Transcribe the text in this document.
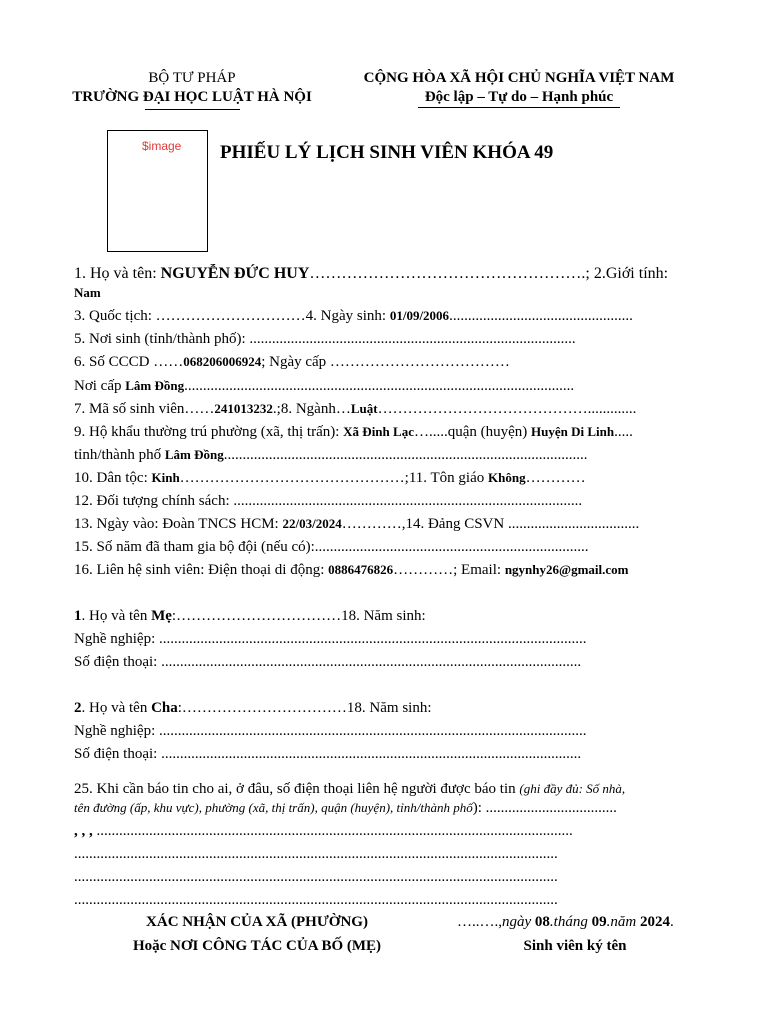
BỘ TƯ PHÁP
TRƯỜNG ĐẠI HỌC LUẬT HÀ NỘI
CỘNG HÒA XÃ HỘI CHỦ NGHĨA VIỆT NAM
Độc lập – Tự do – Hạnh phúc
$image PHIẾU LÝ LỊCH SINH VIÊN KHÓA 49
1. Họ và tên: NGUYỄN ĐỨC HUY…………………………………………….; 2.Giới tính:
Nam
3. Quốc tịch: …………………………4. Ngày sinh: 01/09/2006.................................................
5. Nơi sinh (tỉnh/thành phố): .......................................................................................
6. Số CCCD ……068206006924; Ngày cấp ………………………………
Nơi cấp Lâm Đồng........................................................................................................
7. Mã số sinh viên……241013232.;8. Ngành…Luật…………………………………….............
9. Hộ khẩu thường trú phường (xã, thị trấn): Xã Đinh Lạc….....quận (huyện) Huyện Di Linh.....
tỉnh/thành phố Lâm Đồng.................................................................................................
10. Dân tộc: Kinh………………………………………;11. Tôn giáo Không…………
12. Đối tượng chính sách: .............................................................................................
13. Ngày vào: Đoàn TNCS HCM: 22/03/2024…………,14. Đảng CSVN ...................................
15. Số năm đã tham gia bộ đội (nếu có):.........................................................................
16. Liên hệ sinh viên: Điện thoại di động: 0886476826…………; Email: ngynhy26@gmail.com
1. Họ và tên Mẹ:……………………………18. Năm sinh:
Nghề nghiệp: ..................................................................................................................
Số điện thoại: ................................................................................................................
2. Họ và tên Cha:……………………………18. Năm sinh:
Nghề nghiệp: ..................................................................................................................
Số điện thoại: ................................................................................................................
25. Khi cần báo tin cho ai, ở đâu, số điện thoại liên hệ người được báo tin (ghi đầy đủ: Số nhà,
tên đường (ấp, khu vực), phường (xã, thị trấn), quận (huyện), tỉnh/thành phố): ...................................
, , , ...............................................................................................................................
.................................................................................................................................
.................................................................................................................................
.................................................................................................................................
XÁC NHẬN CỦA XÃ (PHƯỜNG)
Hoặc NƠI CÔNG TÁC CỦA BỐ (MẸ)
…..….,ngày 08.tháng 09.năm 2024.
Sinh viên ký tên
